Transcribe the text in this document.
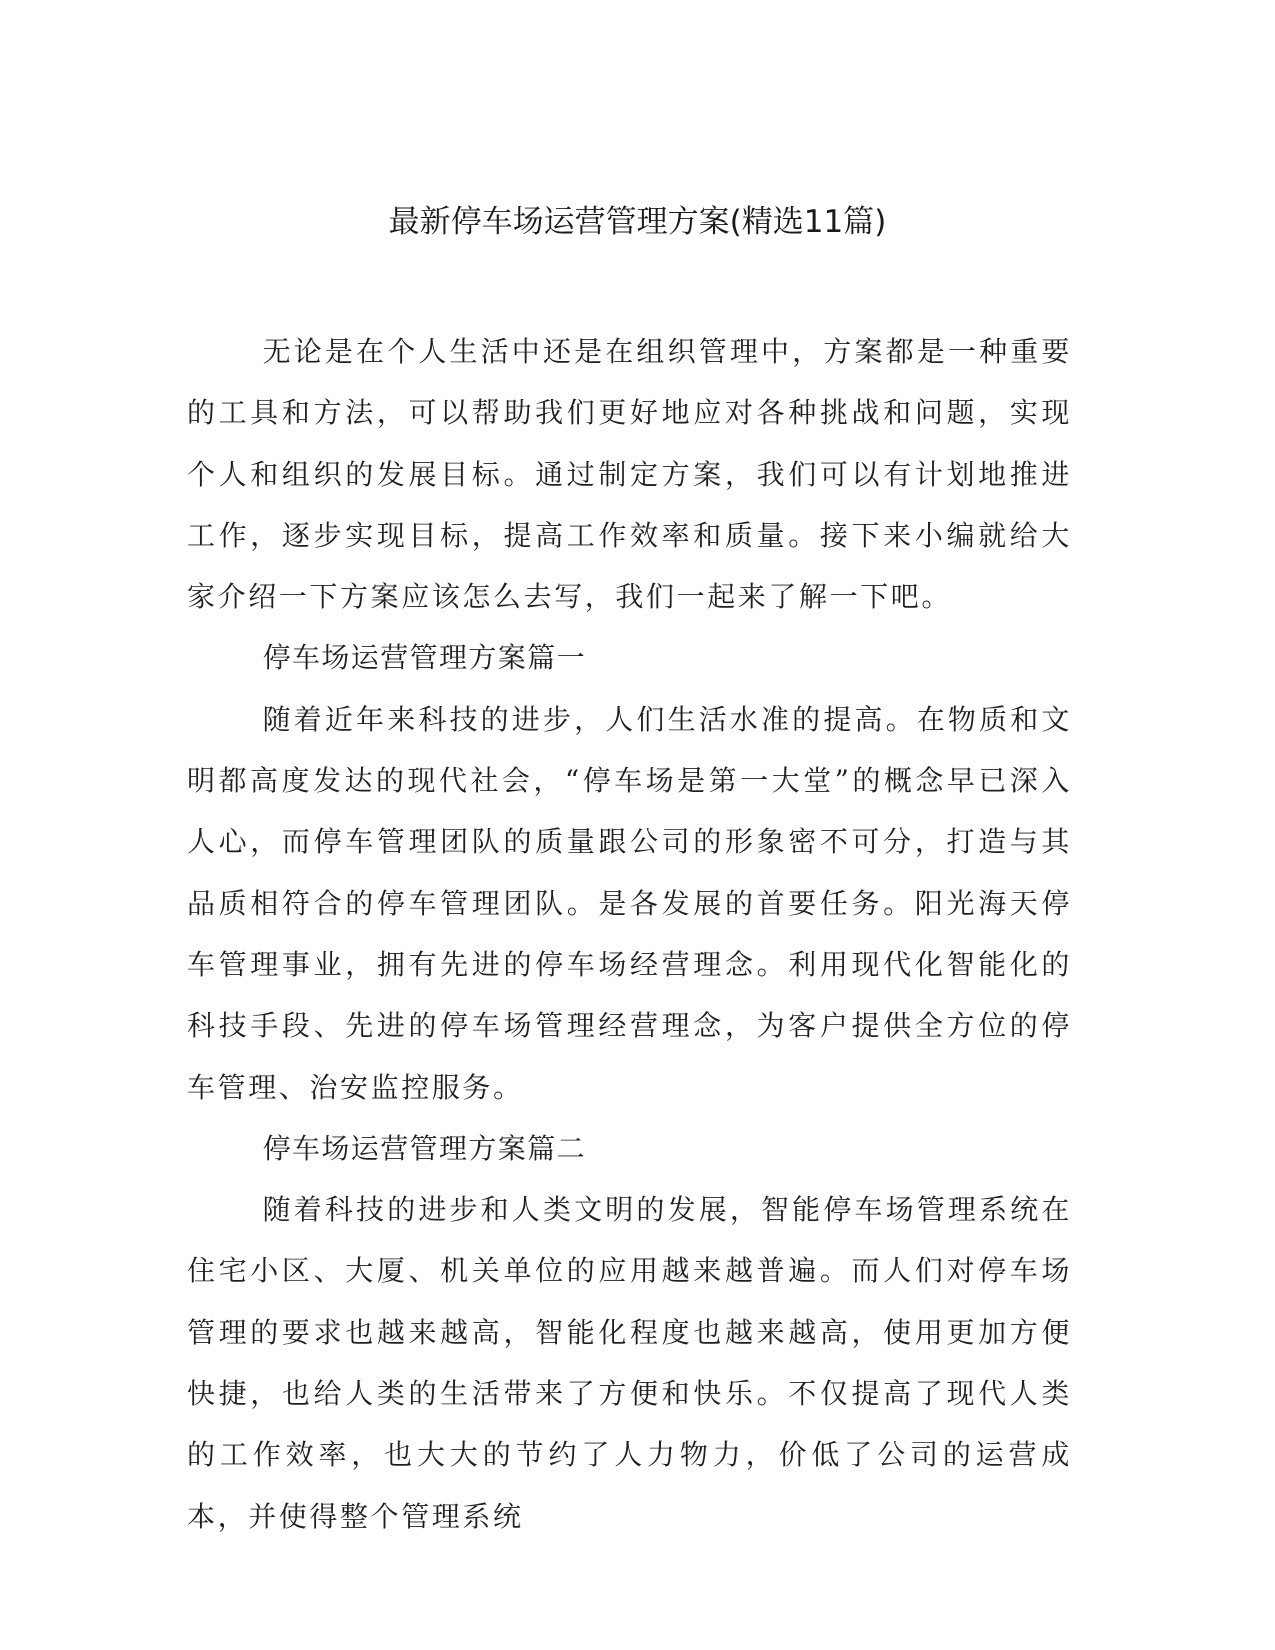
最新停车场运营管理方案(精选11篇)

无论是在个人生活中还是在组织管理中，方案都是一种重要的工具和方法，可以帮助我们更好地应对各种挑战和问题，实现个人和组织的发展目标。通过制定方案，我们可以有计划地推进工作，逐步实现目标，提高工作效率和质量。接下来小编就给大家介绍一下方案应该怎么去写，我们一起来了解一下吧。

停车场运营管理方案篇一

随着近年来科技的进步，人们生活水准的提高。在物质和文明都高度发达的现代社会，“停车场是第一大堂”的概念早已深入人心，而停车管理团队的质量跟公司的形象密不可分，打造与其品质相符合的停车管理团队。是各发展的首要任务。阳光海天停车管理事业，拥有先进的停车场经营理念。利用现代化智能化的科技手段、先进的停车场管理经营理念，为客户提供全方位的停车管理、治安监控服务。

停车场运营管理方案篇二

随着科技的进步和人类文明的发展，智能停车场管理系统在住宅小区、大厦、机关单位的应用越来越普遍。而人们对停车场管理的要求也越来越高，智能化程度也越来越高，使用更加方便快捷，也给人类的生活带来了方便和快乐。不仅提高了现代人类的工作效率，也大大的节约了人力物力，价低了公司的运营成本，并使得整个管理系统
